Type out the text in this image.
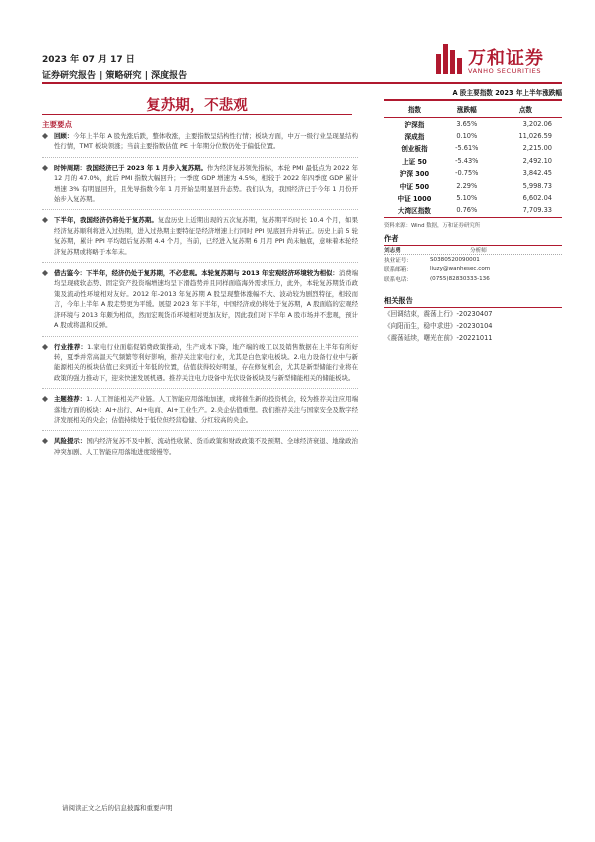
2023 年 07 月 17 日
证券研究报告 | 策略研究 | 深度报告
万和证券
VANHO SECURITIES
复苏期，不悲观
主要要点
回顾：今年上半年 A 股先涨后跌，整体收涨，主要指数呈结构性行情；板块方面，中万一级行业呈现显结构性行情，TMT 板块领涨；当前主要指数估值 PE 十年期分位数仍处于偏低位置。
时钟周期：我国经济已于 2023 年 1 月步入复苏期。作为经济复苏领先指标，本轮 PMI 最低点为 2022 年 12 月的 47.0%，此后 PMI 指数大幅回升；一季度 GDP 增速为 4.5%，相较于 2022 年四季度 GDP 累计增速 3% 有明显回升，且先导指数今年 1 月开始呈明显回升态势。我们认为，我国经济已于今年 1 月份开始步入复苏期。
下半年，我国经济仍将处于复苏期。复盘历史上近期出现的五次复苏期，复苏期平均时长 10.4 个月，如果经济复苏顺利将进入过热期，进入过热期主要特征是经济增速上行同时 PPI 见底回升并转正。历史上前 5 轮复苏期，累计 PPI 平均超后复苏期 4.4 个月，当前，已经进入复苏期 6 月月 PPI 尚未触底，意味着本轮经济复苏期或将略于本年末。
借古鉴今：下半年，经济仍处于复苏期，不必悲观。本轮复苏期与 2013 年宏观经济环境较为相似：消费端均呈现疲软态势、固定资产投资端增速均呈下滑趋势并且同样面临海外需求压力，此外，本轮复苏期货币政策及流动性环境相对友好。2012 年-2013 年复苏期 A 股呈现整体涨幅不大、波动较为剧烈特征，相较而言，今年上半年 A 股走势更为平缓。展望 2023 年下半年，中国经济或仍将处于复苏期，A 股面临的宏观经济环境与 2013 年颇为相似，然而宏观货币环境相对更加友好，因此我们对下半年 A 股市场并不悲观，预计 A 股或将温和反弹。
行业推荐：1.家电行业面临促销费政策推动，生产成本下降，地产端的竣工以及销售数据在上半年有所好转，夏季并常高温天气频繁等利好影响，推荐关注家电行业，尤其是白色家电板块。2.电力设备行业中与新能源相关的板块估值已来到近十年低的位置，估值获得较好明显，存在修复机会，尤其是新型储能行业将在政策的强力推动下，迎来快速发展机遇。推荐关注电力设备中光伏设备板块及与新型储能相关的储能板块。
主题推荐：1. 人工智能相关产业链。人工智能应用落地加速，或将催生新的投资机会，较为推荐关注应用端落地方面的板块：AI+出行、AI+电商、AI+工业生产。2.央企估值重塑。我们推荐关注与国家安全及数字经济发展相关的央企；估值持续处于低位但经营稳健、分红较高的央企。
风险提示：国内经济复苏不及中断、流动性收紧、货币政策和财政政策不及预期、全球经济衰退、地缘政治冲突加剧、人工智能应用落地进度缓慢等。
A 股主要指数 2023 年上半年涨跌幅
指数	涨跌幅	点数
沪深指	3.65%	3,202.06
深成指	0.10%	11,026.59
创业板指	-5.61%	2,215.00
上证 50	-5.43%	2,492.10
沪深 300	-0.75%	3,842.45
中证 500	2.29%	5,998.73
中证 1000	5.10%	6,602.04
大湾区指数	0.76%	7,709.33
资料来源：Wind 数据，万和证券研究所
作者
刘志勇	分析师
执业证号：	S0380520090001
联系邮箱：	liuzy@wanhesec.com
联系电话：	(0755)82830333-136
相关报告
《回调结束，震荡上行》-20230407
《向阳而生，稳中求进》-20230104
《震荡延续，曙光在前》-20221011
请阅读正文之后的信息披露和重要声明
